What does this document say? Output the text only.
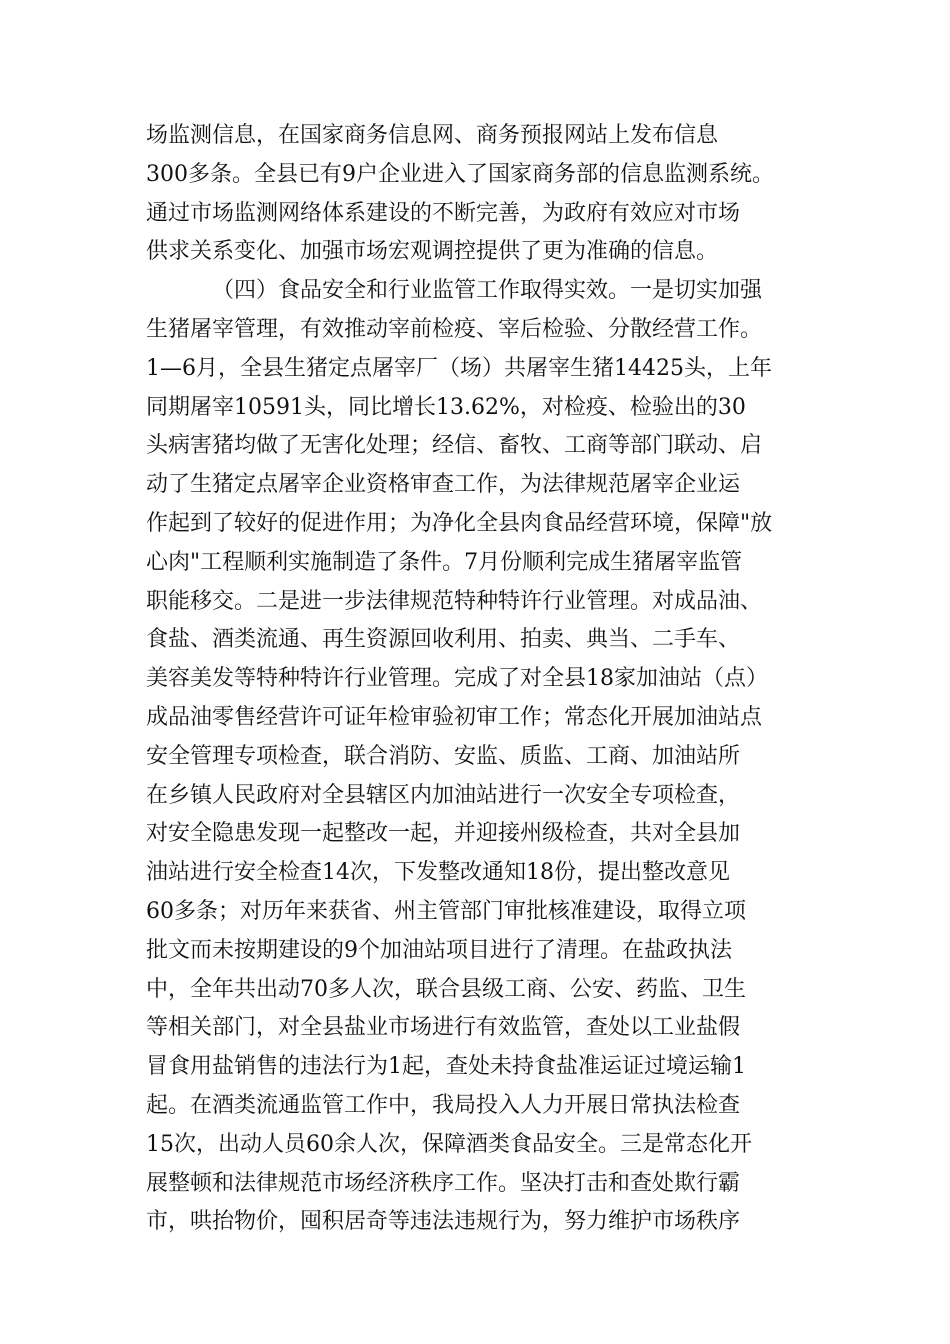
场监测信息，在国家商务信息网、商务预报网站上发布信息
300多条。全县已有9户企业进入了国家商务部的信息监测系统。
通过市场监测网络体系建设的不断完善，为政府有效应对市场
供求关系变化、加强市场宏观调控提供了更为准确的信息。
（四）食品安全和行业监管工作取得实效。一是切实加强
生猪屠宰管理，有效推动宰前检疫、宰后检验、分散经营工作。
1—6月，全县生猪定点屠宰厂（场）共屠宰生猪14425头，上年
同期屠宰10591头，同比增长13.62%，对检疫、检验出的30
头病害猪均做了无害化处理；经信、畜牧、工商等部门联动、启
动了生猪定点屠宰企业资格审查工作，为法律规范屠宰企业运
作起到了较好的促进作用；为净化全县肉食品经营环境，保障"放
心肉"工程顺利实施制造了条件。7月份顺利完成生猪屠宰监管
职能移交。二是进一步法律规范特种特许行业管理。对成品油、
食盐、酒类流通、再生资源回收利用、拍卖、典当、二手车、
美容美发等特种特许行业管理。完成了对全县18家加油站（点）
成品油零售经营许可证年检审验初审工作；常态化开展加油站点
安全管理专项检查，联合消防、安监、质监、工商、加油站所
在乡镇人民政府对全县辖区内加油站进行一次安全专项检查，
对安全隐患发现一起整改一起，并迎接州级检查，共对全县加
油站进行安全检查14次，下发整改通知18份，提出整改意见
60多条；对历年来获省、州主管部门审批核准建设，取得立项
批文而未按期建设的9个加油站项目进行了清理。在盐政执法
中，全年共出动70多人次，联合县级工商、公安、药监、卫生
等相关部门，对全县盐业市场进行有效监管，查处以工业盐假
冒食用盐销售的违法行为1起，查处未持食盐准运证过境运输1
起。在酒类流通监管工作中，我局投入人力开展日常执法检查
15次，出动人员60余人次，保障酒类食品安全。三是常态化开
展整顿和法律规范市场经济秩序工作。坚决打击和查处欺行霸
市，哄抬物价，囤积居奇等违法违规行为，努力维护市场秩序
